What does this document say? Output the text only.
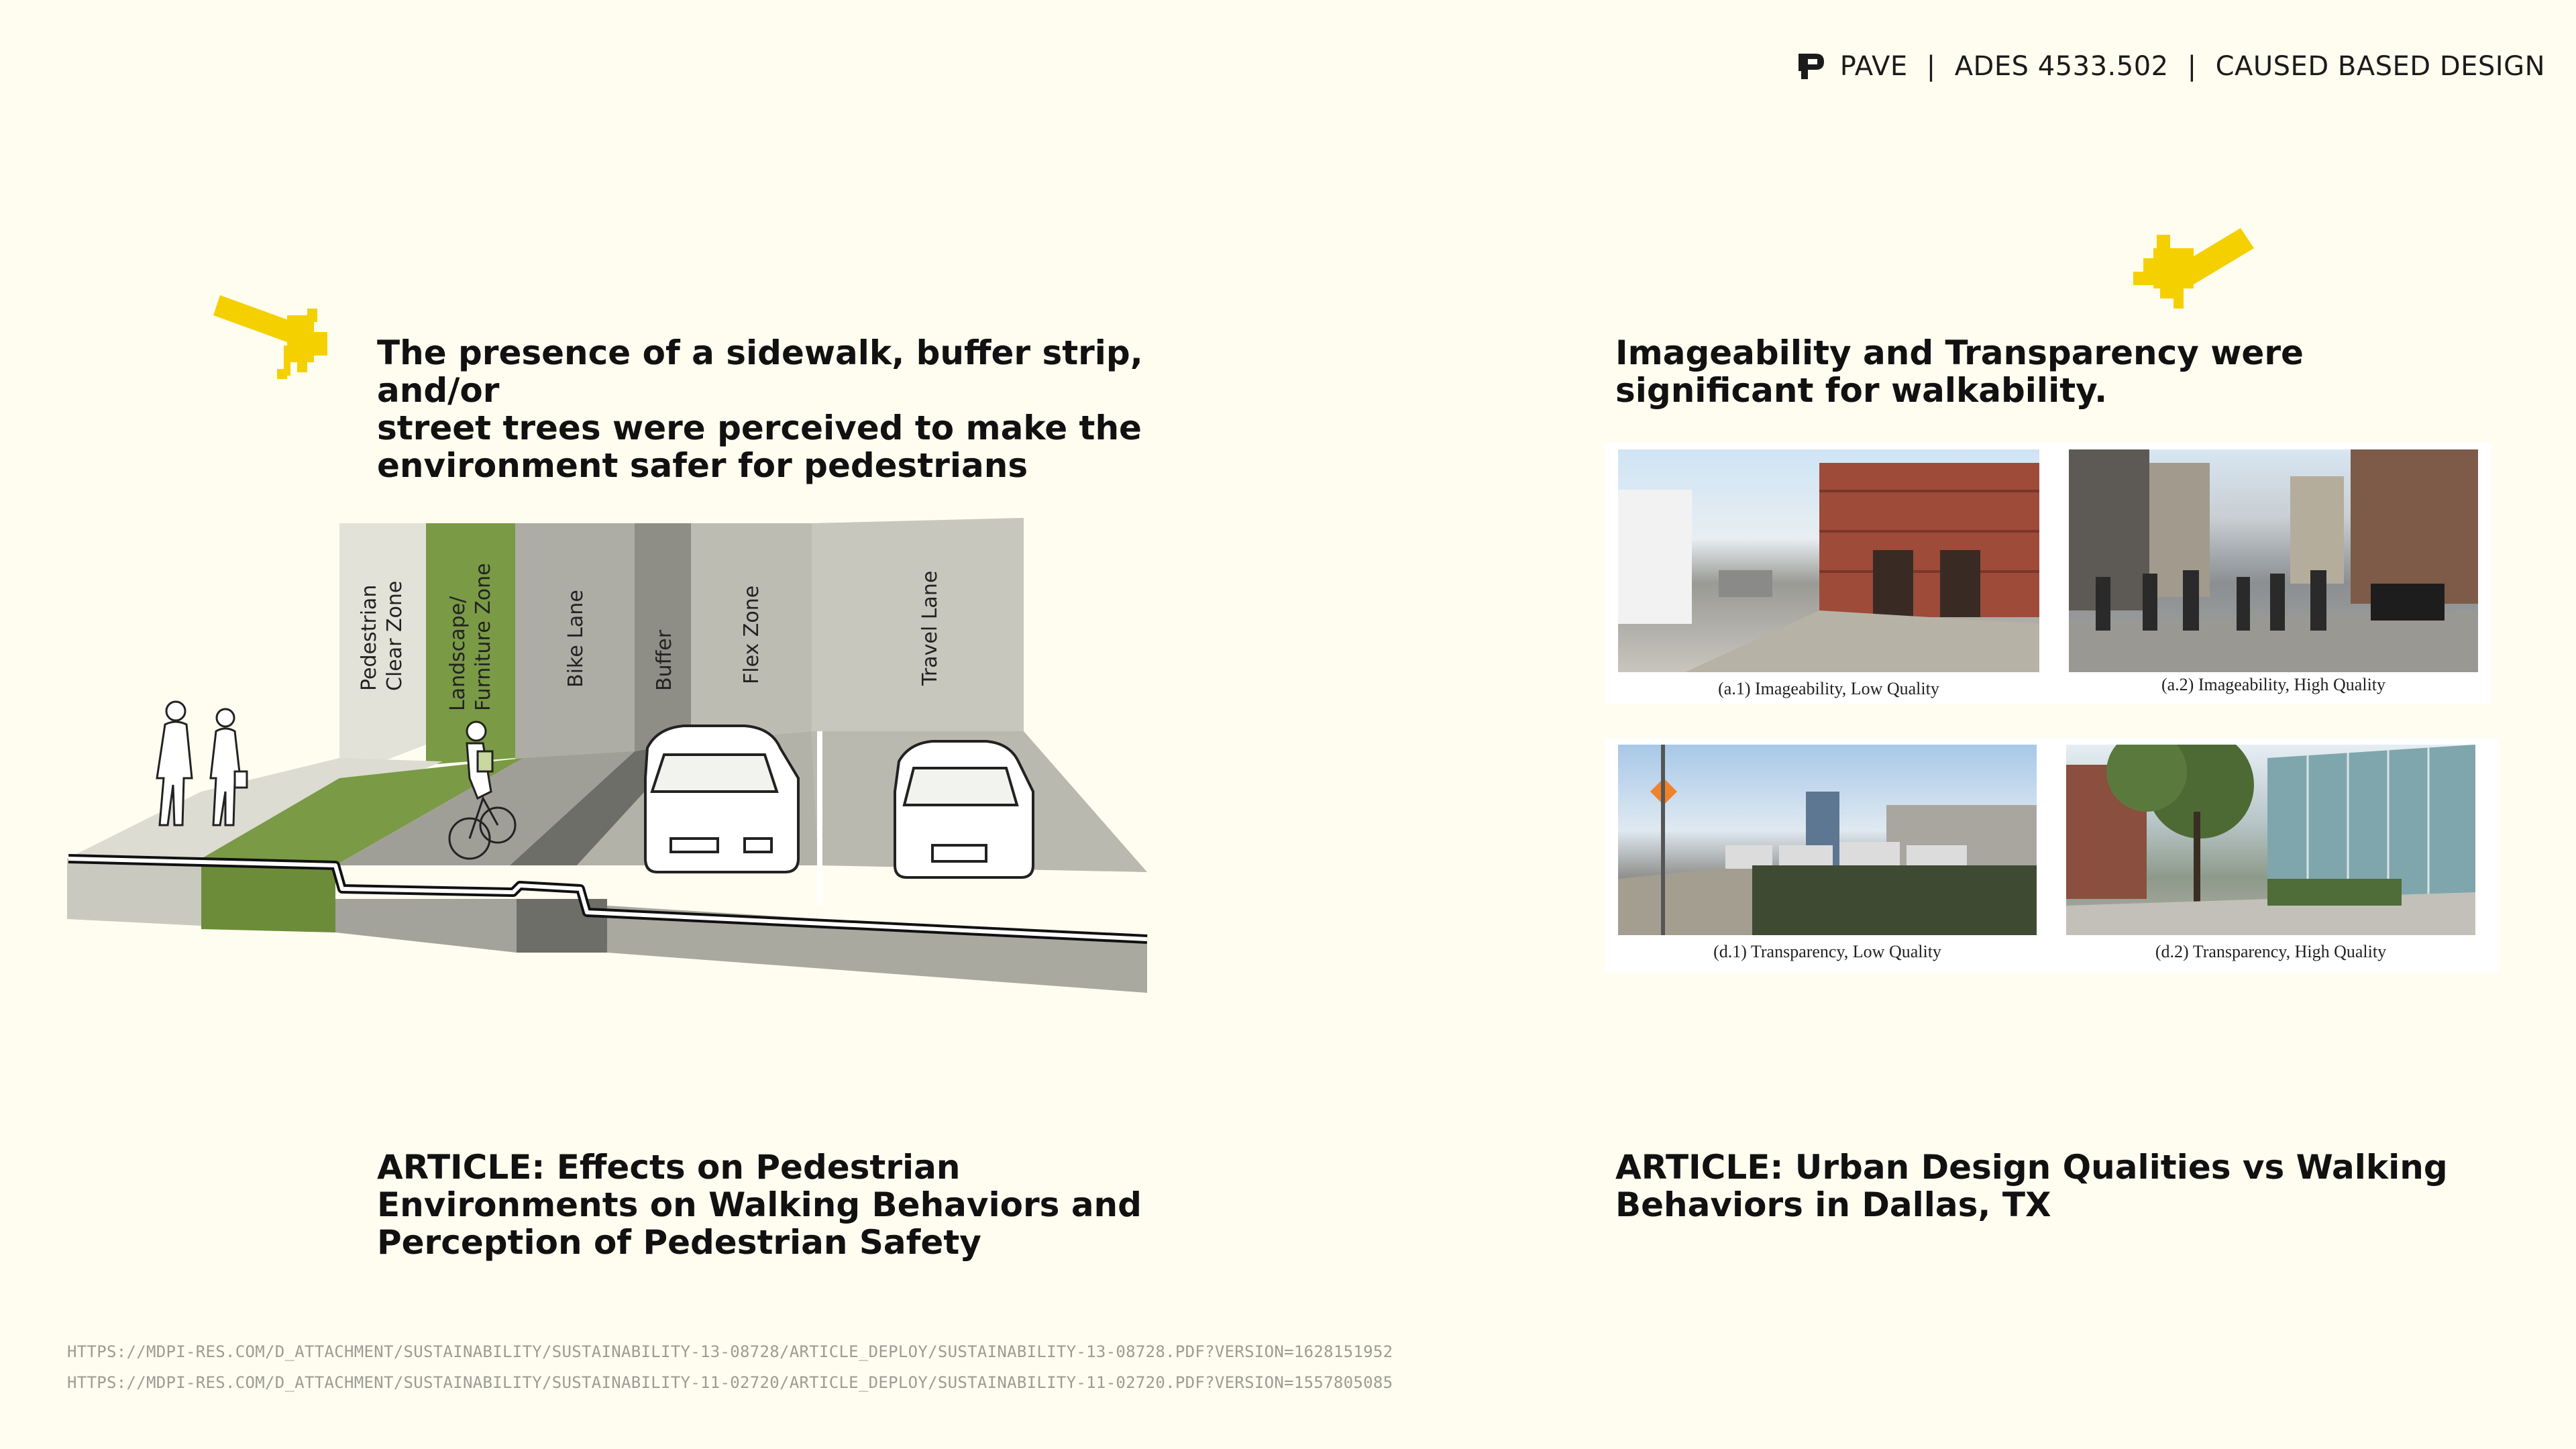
PAVE | ADES 4533.502 | CAUSED BASED DESIGN
The presence of a sidewalk, buffer strip, and/or
street trees were perceived to make the
environment safer for pedestrians
Pedestrian Clear Zone Landscape/ Furniture Zone	Bike Lane	Buffer	Flex Zone	Travel Lane
ARTICLE: Effects on Pedestrian
Environments on Walking Behaviors and
Perception of Pedestrian Safety
Imageability and Transparency were
significant for walkability.
(a.1) Imageability, Low Quality	(a.2) Imageability, High Quality
(d.1) Transparency, Low Quality	(d.2) Transparency, High Quality
ARTICLE: Urban Design Qualities vs Walking
Behaviors in Dallas, TX
HTTPS://MDPI-RES.COM/D_ATTACHMENT/SUSTAINABILITY/SUSTAINABILITY-13-08728/ARTICLE_DEPLOY/SUSTAINABILITY-13-08728.PDF?VERSION=1628151952
HTTPS://MDPI-RES.COM/D_ATTACHMENT/SUSTAINABILITY/SUSTAINABILITY-11-02720/ARTICLE_DEPLOY/SUSTAINABILITY-11-02720.PDF?VERSION=1557805085
